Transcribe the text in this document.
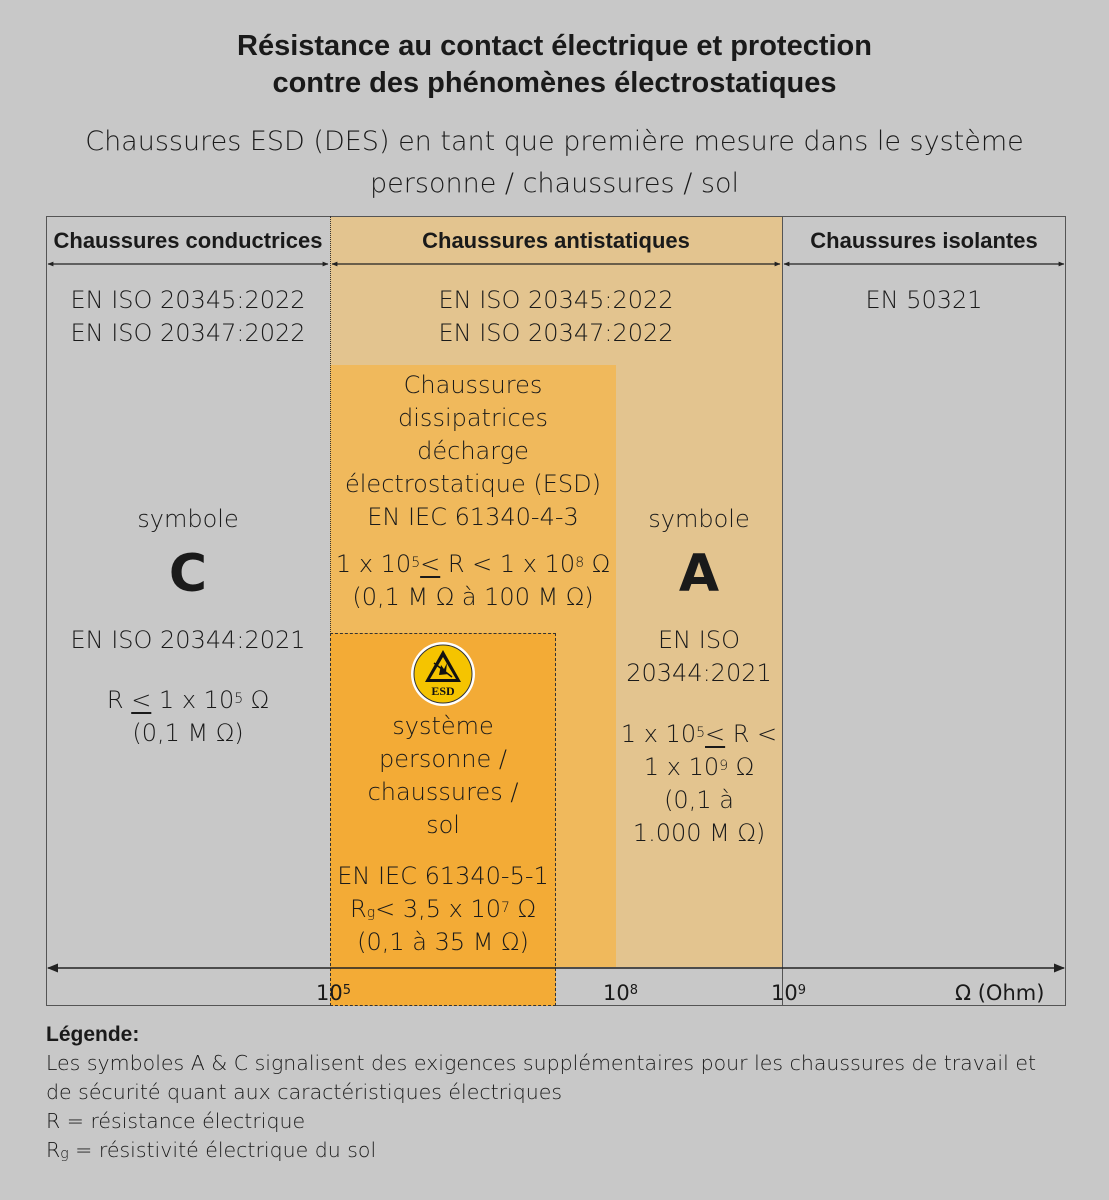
Résistance au contact électrique et protection
contre des phénomènes électrostatiques
Chaussures ESD (DES) en tant que première mesure dans le système
personne / chaussures / sol
Chaussures conductrices	Chaussures antistatiques	Chaussures isolantes
EN ISO 20345:2022
EN ISO 20347:2022
symbole
C
EN ISO 20344:2021
R < 1 x $10^5$ Ω
(0,1 M Ω)
EN ISO 20345:2022
EN ISO 20347:2022
symbole
A
EN ISO
20344:2021
1 x $10^5< R$ <
1 x $10^9$ Ω
(0,1 à
1.000 M Ω)
EN 50321
Chaussures
dissipatrices
décharge
électrostatique (ESD)
EN IEC 61340-4-3
1 x $10^5< R < 1$ x $10^8$ Ω
(0,1 M Ω à 100 M Ω)
ESD
système
personne /
chaussures /
sol
EN IEC 61340-5-1
$R_g< 3,5$ x $10^7$ Ω
(0,1 à 35 M Ω)
$10^5$	$10^8$	$10^9$	Ω (Ohm)
Légende:
Les symboles A & C signalisent des exigences supplémentaires pour les chaussures de travail et
de sécurité quant aux caractéristiques électriques
R = résistance électrique
$R_g$ = résistivité électrique du sol
